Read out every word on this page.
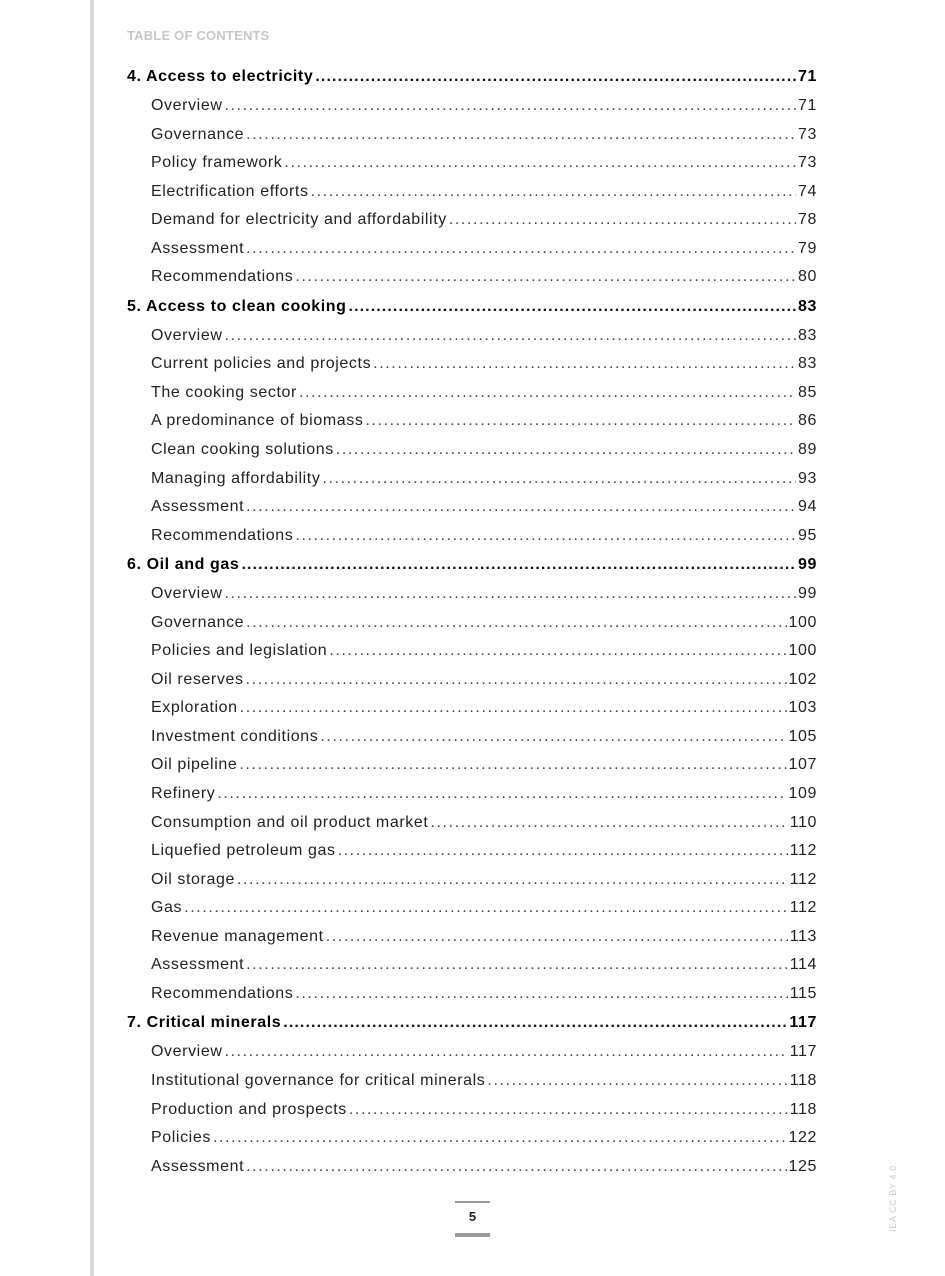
TABLE OF CONTENTS
4. Access to electricity .....	71
Overview .....	71
Governance .....	73
Policy framework .....	73
Electrification efforts .....	74
Demand for electricity and affordability .....	78
Assessment .....	79
Recommendations .....	80
5. Access to clean cooking .....	83
Overview .....	83
Current policies and projects .....	83
The cooking sector .....	85
A predominance of biomass .....	86
Clean cooking solutions .....	89
Managing affordability .....	93
Assessment .....	94
Recommendations .....	95
6. Oil and gas .....	99
Overview .....	99
Governance .....	100
Policies and legislation .....	100
Oil reserves .....	102
Exploration .....	103
Investment conditions .....	105
Oil pipeline .....	107
Refinery .....	109
Consumption and oil product market .....	110
Liquefied petroleum gas .....	112
Oil storage .....	112
Gas .....	112
Revenue management .....	113
Assessment .....	114
Recommendations .....	115
7. Critical minerals .....	117
Overview .....	117
Institutional governance for critical minerals .....	118
Production and prospects .....	118
Policies .....	122
Assessment .....	125
5	IEA CC BY 4.0.
